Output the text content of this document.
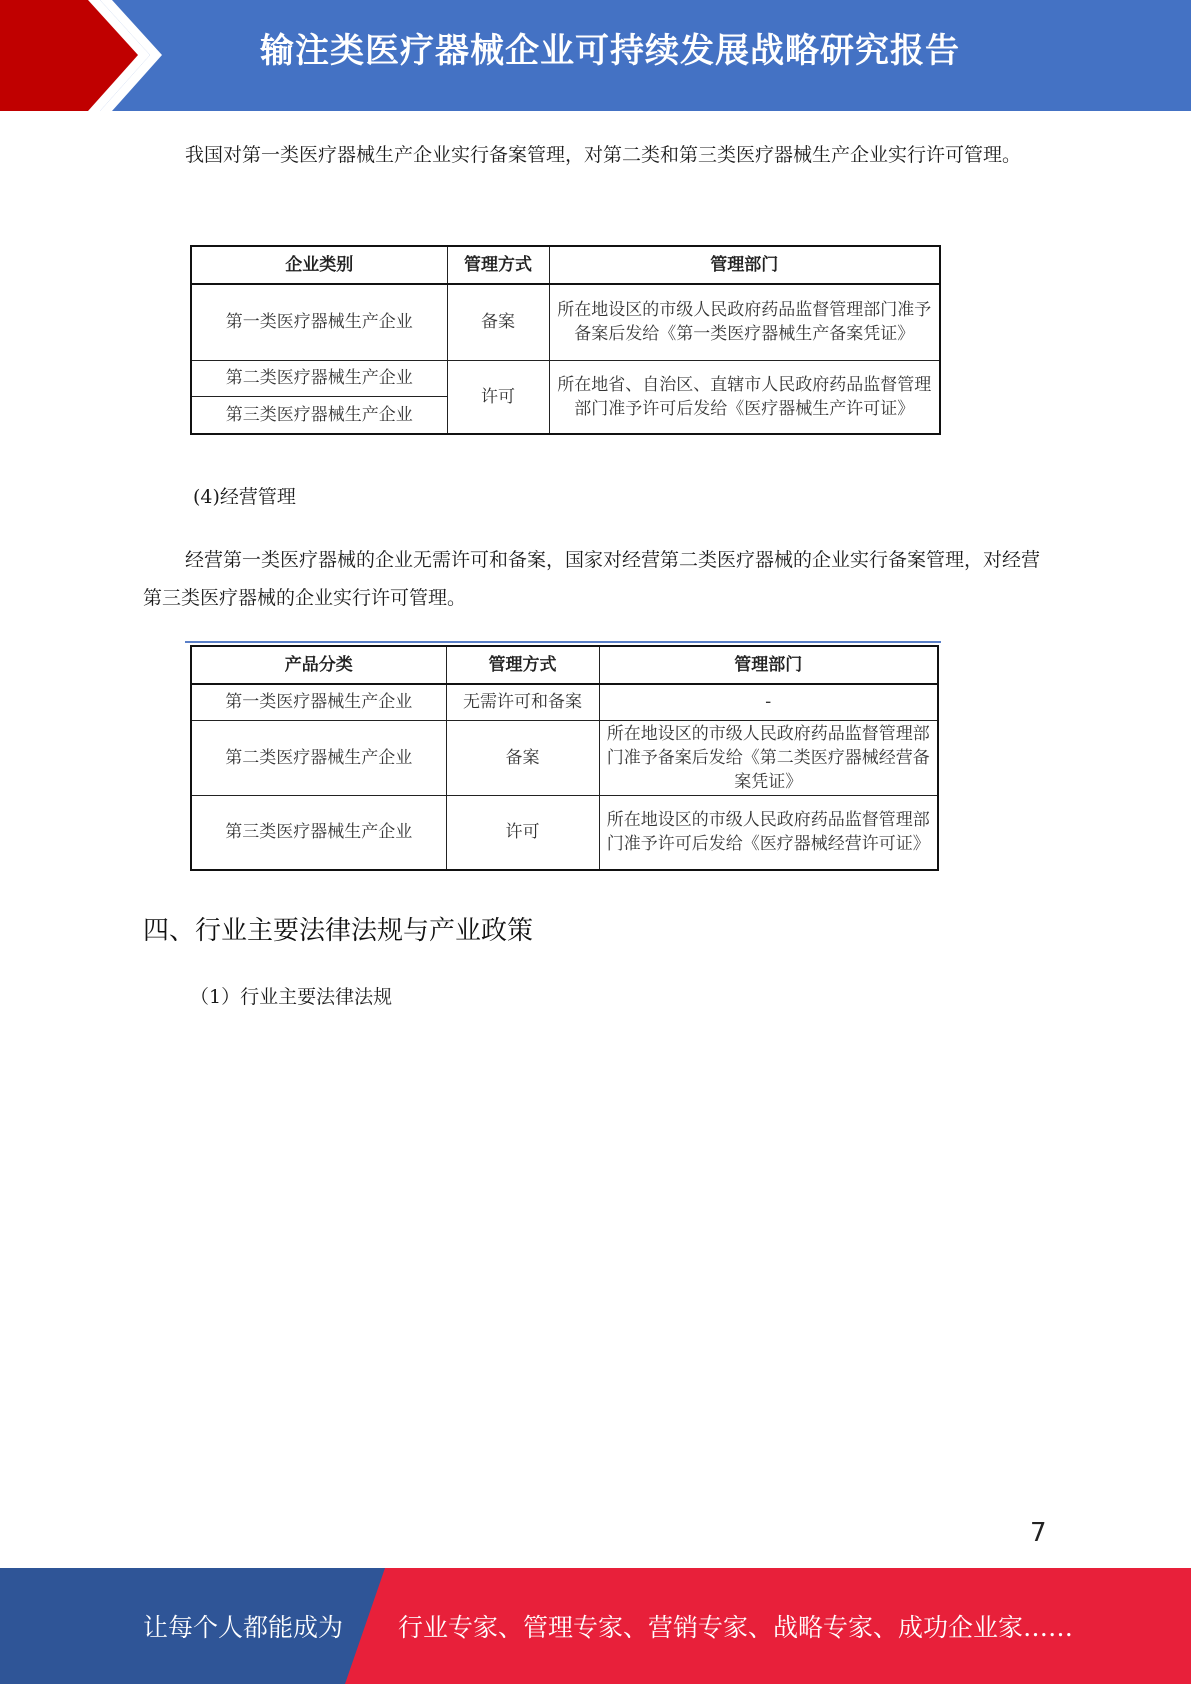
输注类医疗器械企业可持续发展战略研究报告
我国对第一类医疗器械生产企业实行备案管理，对第二类和第三类医疗器械生产企业实行许可管理。
企业类别	管理方式	管理部门
第一类医疗器械生产企业	备案	所在地设区的市级人民政府药品监督管理部门准予备案后发给《第一类医疗器械生产备案凭证》
第二类医疗器械生产企业	许可	所在地省、自治区、直辖市人民政府药品监督管理部门准予许可后发给《医疗器械生产许可证》
第三类医疗器械生产企业		
(4)经营管理
经营第一类医疗器械的企业无需许可和备案，国家对经营第二类医疗器械的企业实行备案管理，对经营第三类医疗器械的企业实行许可管理。
产品分类	管理方式	管理部门
第一类医疗器械生产企业	无需许可和备案	-
第二类医疗器械生产企业	备案	所在地设区的市级人民政府药品监督管理部门准予备案后发给《第二类医疗器械经营备案凭证》
第三类医疗器械生产企业	许可	所在地设区的市级人民政府药品监督管理部门准予许可后发给《医疗器械经营许可证》
四、行业主要法律法规与产业政策
（1）行业主要法律法规
7
让每个人都能成为 行业专家、管理专家、营销专家、战略专家、成功企业家……
